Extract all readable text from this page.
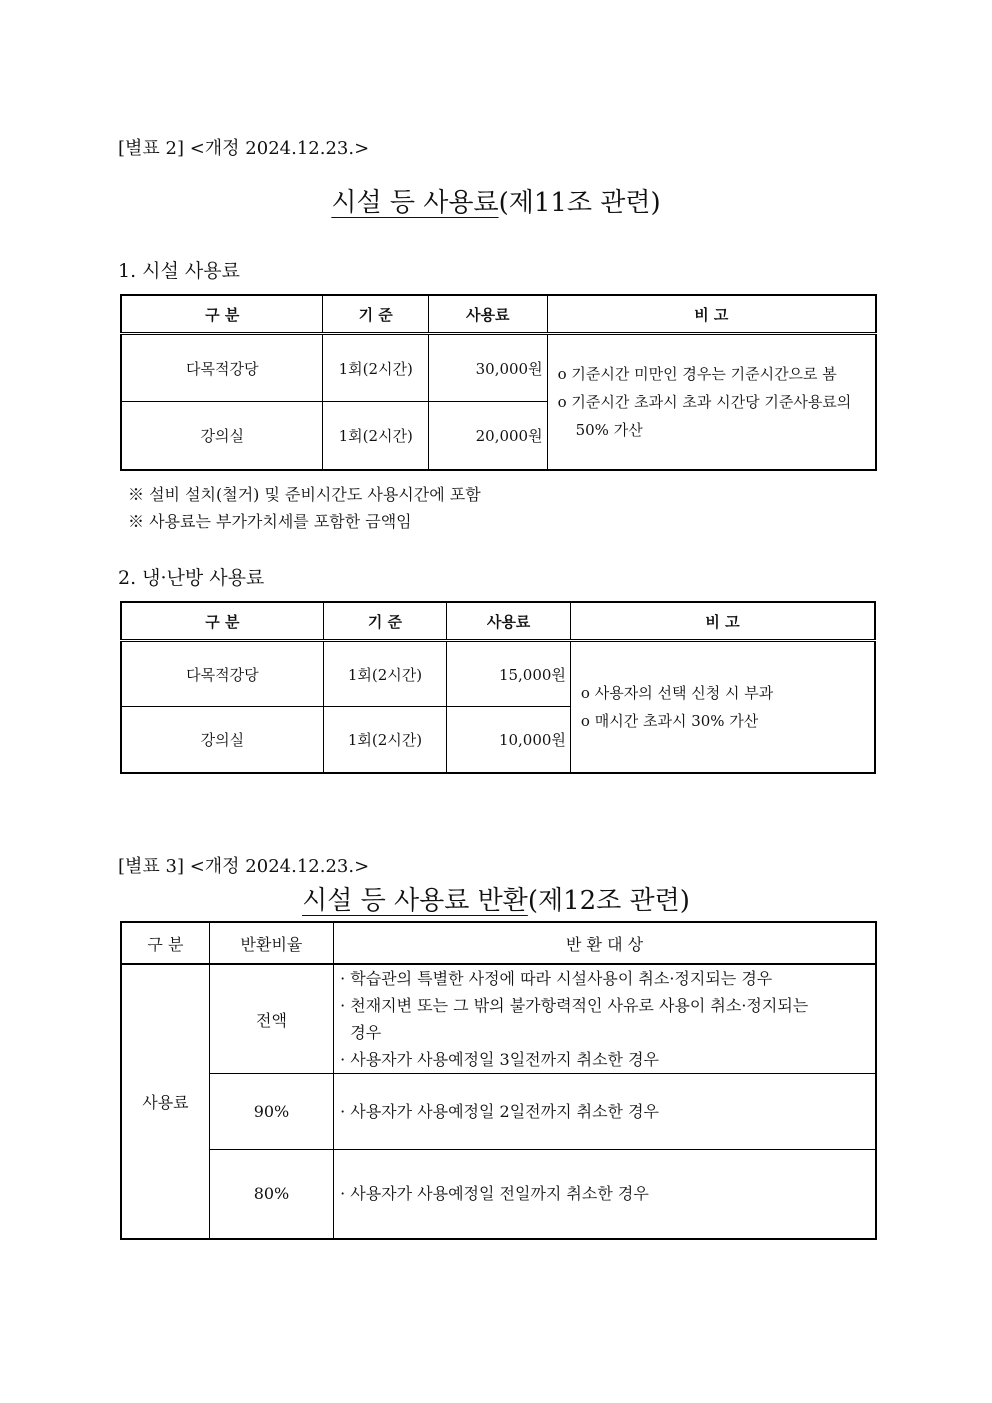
[별표 2] <개정 2024.12.23.>
시설 등 사용료(제11조 관련)
1. 시설 사용료
구 분	기 준	사용료	비 고
다목적강당	1회(2시간)	30,000원	o 기준시간 미만인 경우는 기준시간으로 봄
o 기준시간 초과시 초과 시간당 기준사용료의
50% 가산

강의실	1회(2시간)	20,000원	
※ 설비 설치(철거) 및 준비시간도 사용시간에 포함
※ 사용료는 부가가치세를 포함한 금액임
2. 냉·난방 사용료
구 분	기 준	사용료	비 고
다목적강당	1회(2시간)	15,000원	o 사용자의 선택 신청 시 부과
o 매시간 초과시 30% 가산

강의실	1회(2시간)	10,000원	
[별표 3] <개정 2024.12.23.>
시설 등 사용료 반환(제12조 관련)
구 분	반환비율	반 환 대 상
사용료	전액	· 학습관의 특별한 사정에 따라 시설사용이 취소·정지되는 경우
· 천재지변 또는 그 밖의 불가항력적인 사유로 사용이 취소·정지되는
경우
· 사용자가 사용예정일 3일전까지 취소한 경우

	90%	· 사용자가 사용예정일 2일전까지 취소한 경우

	80%	· 사용자가 사용예정일 전일까지 취소한 경우
